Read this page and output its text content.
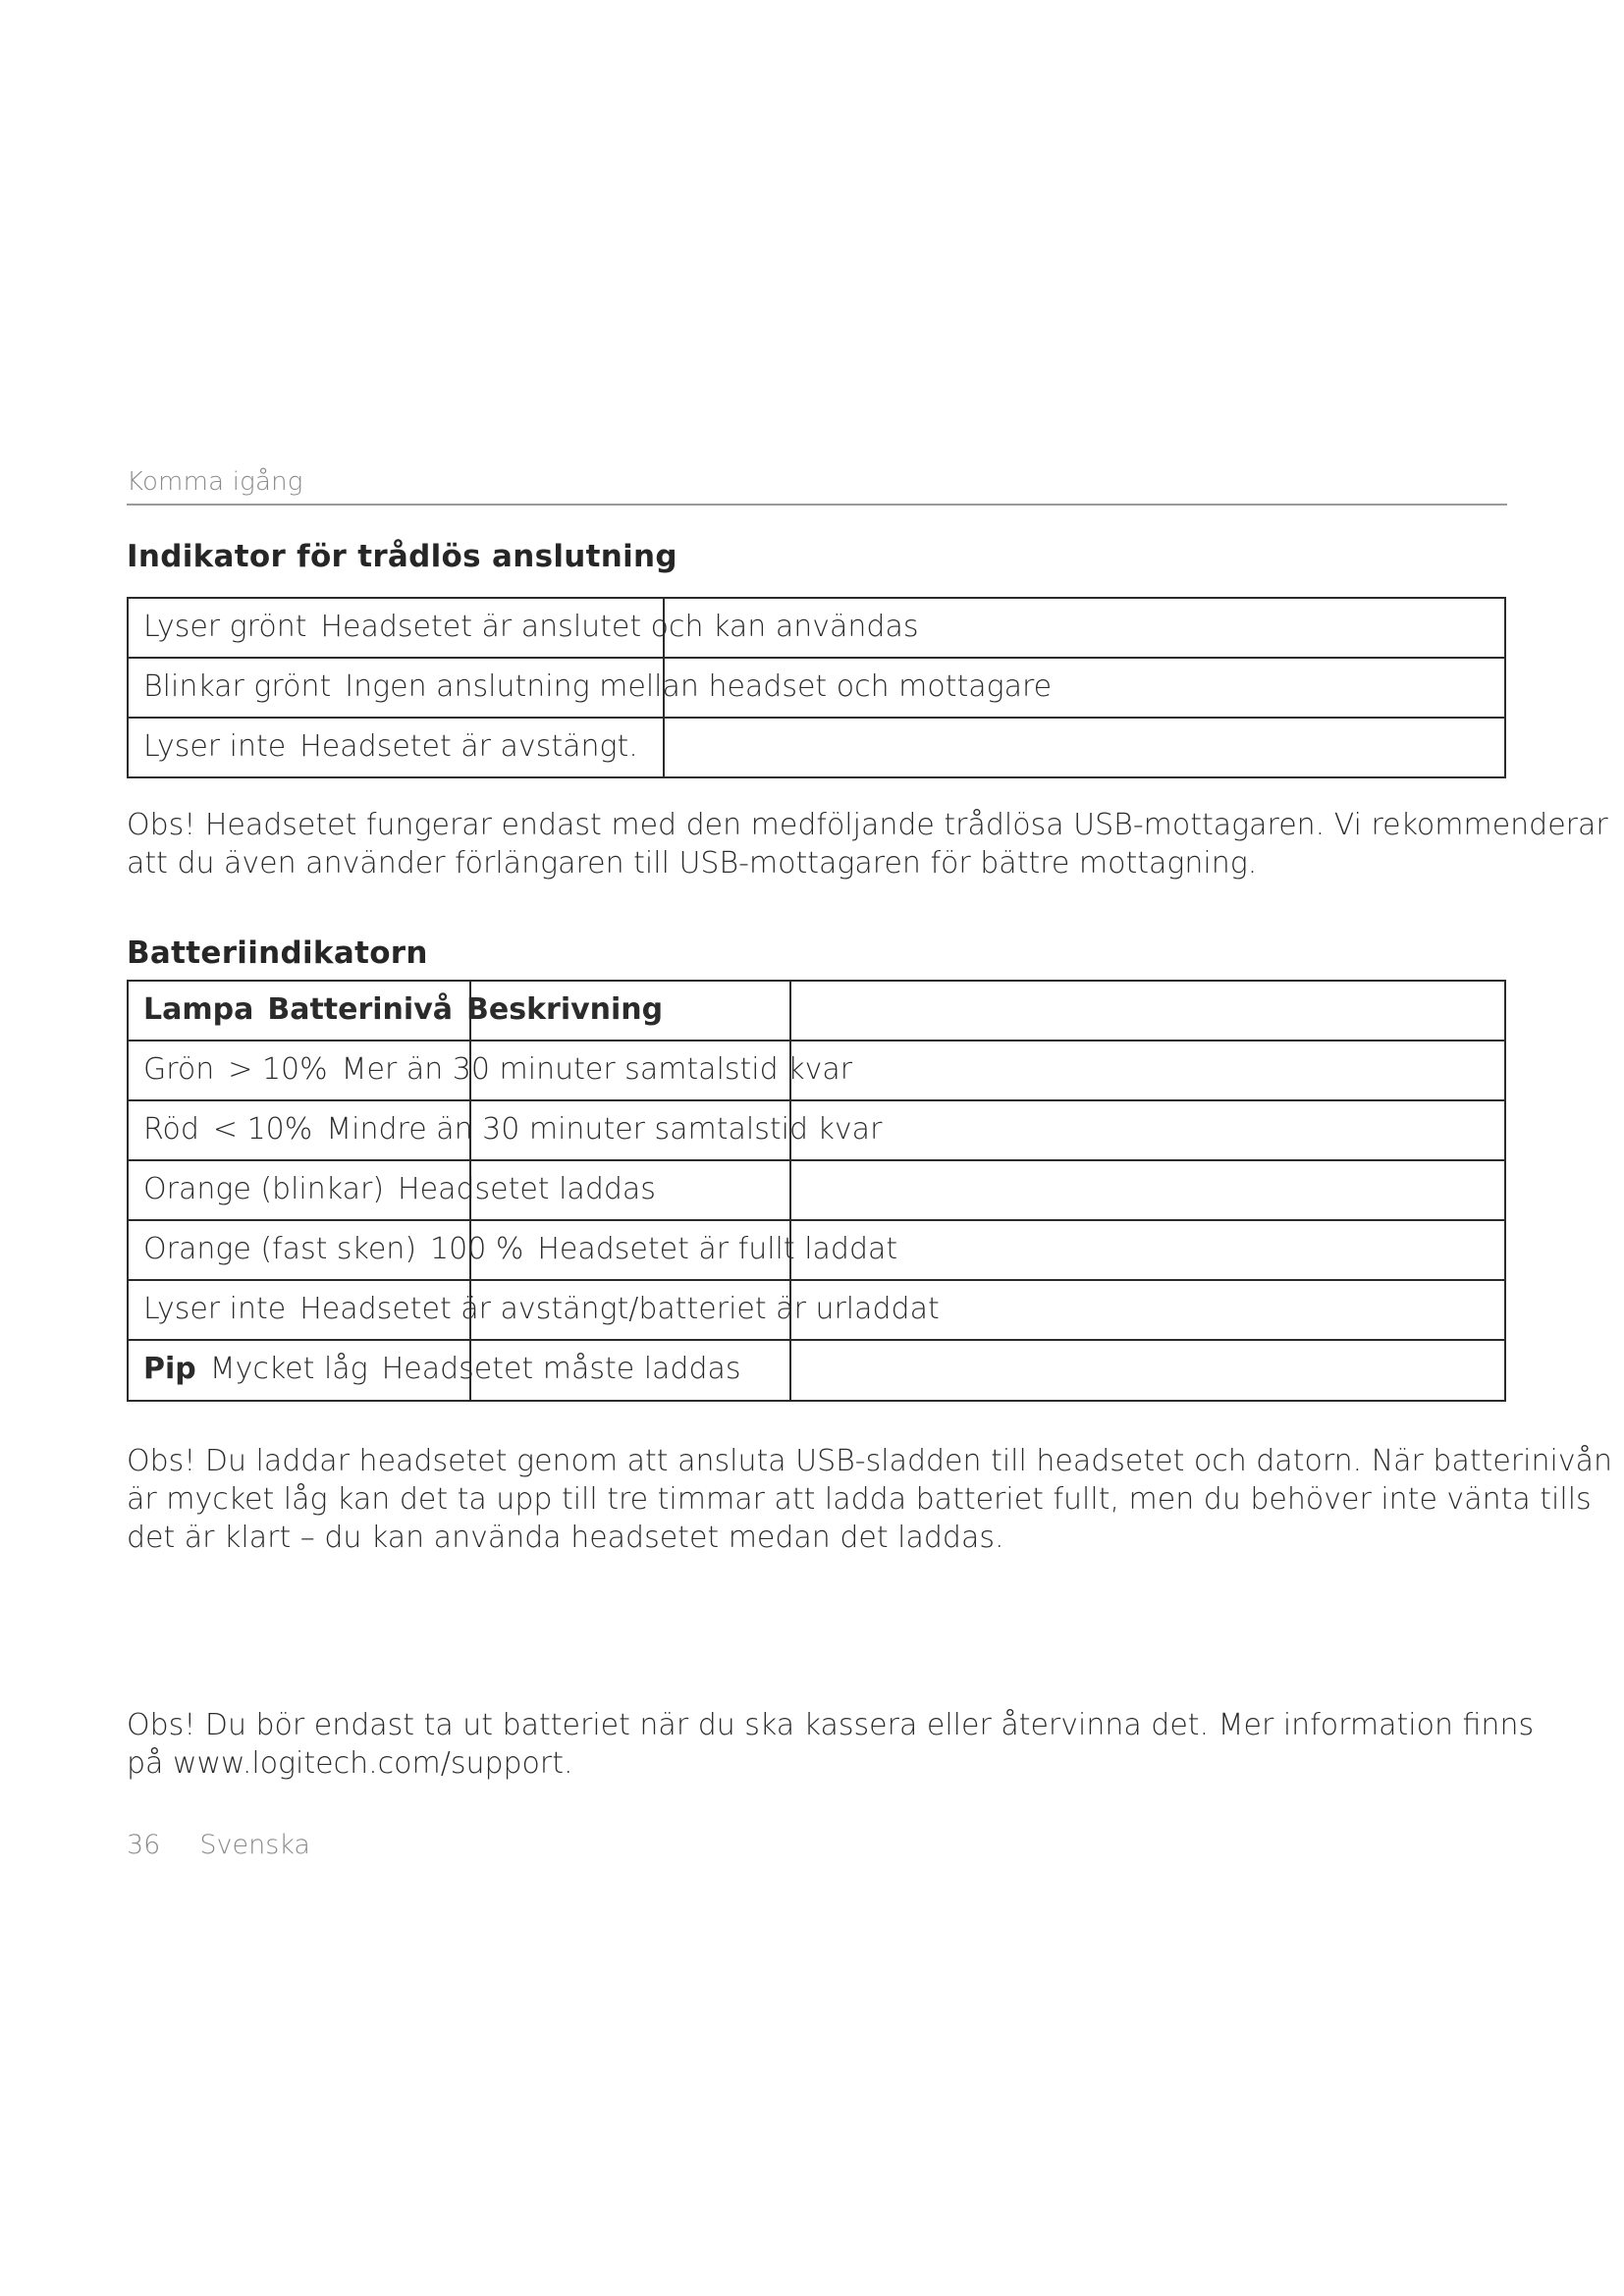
Komma igång
Indikator för trådlös anslutning
Lyser grönt Headsetet är anslutet och kan användas
Blinkar grönt Ingen anslutning mellan headset och mottagare
Lyser inte Headsetet är avstängt.

Obs! Headsetet fungerar endast med den medföljande trådlösa USB-mottagaren. Vi rekommenderar

att du även använder förlängaren till USB-mottagaren för bättre mottagning.

Batteriindikatorn
Lampa Batterinivå Beskrivning
Grön > 10% Mer än 30 minuter samtalstid kvar
Röd < 10% Mindre än 30 minuter samtalstid kvar
Orange (blinkar) Headsetet laddas
Orange (fast sken) 100 % Headsetet är fullt laddat
Lyser inte Headsetet är avstängt/batteriet är urladdat
Pip Mycket låg Headsetet måste laddas

Obs! Du laddar headsetet genom att ansluta USB-sladden till headsetet och datorn. När batterinivån

är mycket låg kan det ta upp till tre timmar att ladda batteriet fullt, men du behöver inte vänta tills

det är klart – du kan använda headsetet medan det laddas.

Obs! Du bör endast ta ut batteriet när du ska kassera eller återvinna det. Mer information finns

på www.logitech.com/support.

36 Svenska
